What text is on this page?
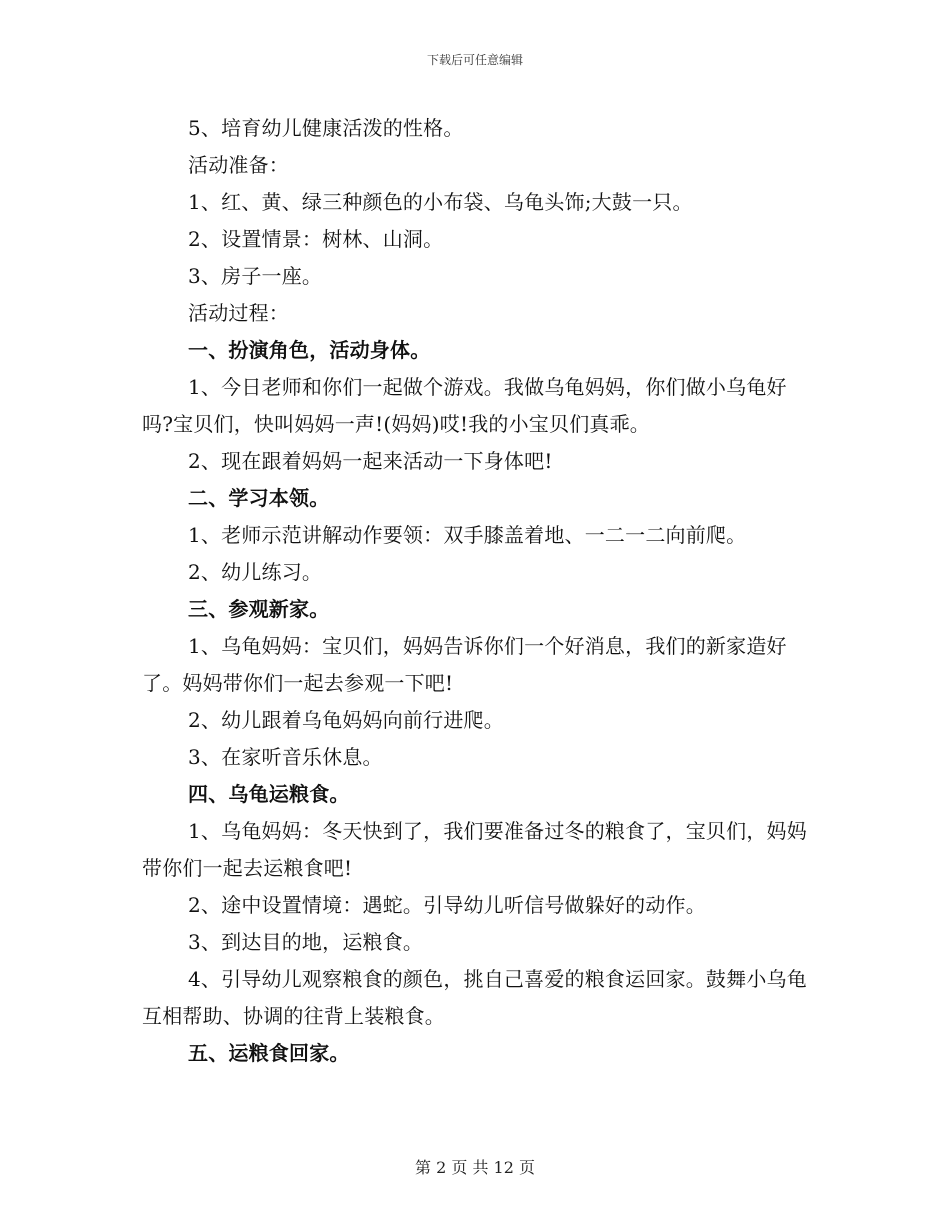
下载后可任意编辑

5、培育幼儿健康活泼的性格。

活动准备：

1、红、黄、绿三种颜色的小布袋、乌龟头饰;大鼓一只。

2、设置情景：树林、山洞。

3、房子一座。

活动过程：

一、扮演角色，活动身体。

1、今日老师和你们一起做个游戏。我做乌龟妈妈，你们做小乌龟好吗?宝贝们，快叫妈妈一声!(妈妈)哎!我的小宝贝们真乖。

2、现在跟着妈妈一起来活动一下身体吧!

二、学习本领。

1、老师示范讲解动作要领：双手膝盖着地、一二一二向前爬。

2、幼儿练习。

三、参观新家。

1、乌龟妈妈：宝贝们，妈妈告诉你们一个好消息，我们的新家造好了。妈妈带你们一起去参观一下吧!

2、幼儿跟着乌龟妈妈向前行进爬。

3、在家听音乐休息。

四、乌龟运粮食。

1、乌龟妈妈：冬天快到了，我们要准备过冬的粮食了，宝贝们，妈妈带你们一起去运粮食吧!

2、途中设置情境：遇蛇。引导幼儿听信号做躲好的动作。

3、到达目的地，运粮食。

4、引导幼儿观察粮食的颜色，挑自己喜爱的粮食运回家。鼓舞小乌龟互相帮助、协调的往背上装粮食。

五、运粮食回家。

第 2 页 共 12 页
